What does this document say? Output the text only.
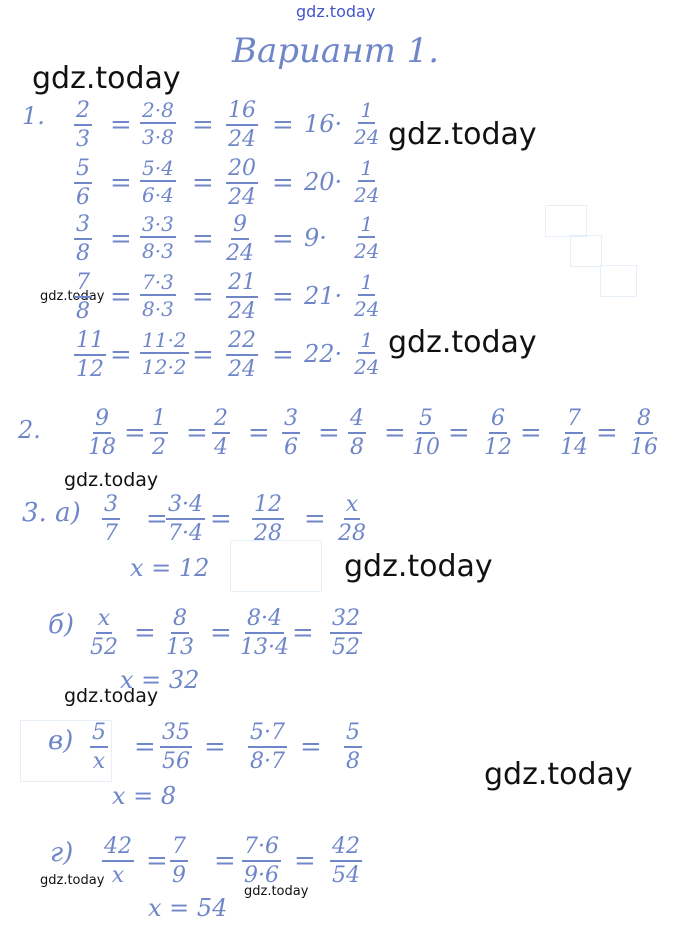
gdz.today
gdz.today
gdz.today
gdz.today
gdz.today
gdz.today
gdz.today
gdz.today
gdz.today
gdz.today
gdz.today
Вариант 1.
1.
2.
3. а)
x = 12
б)
x = 32
в)
x = 8
г)
x = 54
$\frac{2}{3} = \frac{2\cdot 8}{3\cdot 8} = \frac{16}{24} = 16\cdot \frac{1}{24}$
$\frac{5}{6} = \frac{5\cdot 4}{6\cdot 4} = \frac{20}{24} = 20\cdot \frac{1}{24}$
$\frac{3}{8} = \frac{3\cdot 3}{8\cdot 3} = \frac{9}{24} = 9\cdot \frac{1}{24}$
$\frac{7}{8} = \frac{7\cdot 3}{8\cdot 3} = \frac{21}{24} = 21\cdot \frac{1}{24}$
$\frac{11}{12} = \frac{11\cdot 2}{12\cdot 2} = \frac{22}{24} = 22\cdot \frac{1}{24}$
$\frac{9}{18} = \frac{1}{2} = \frac{2}{4} = \frac{3}{6} = \frac{4}{8} = \frac{5}{10} = \frac{6}{12} = \frac{7}{14} = \frac{8}{16}$
$\frac{3}{7}$ =
$\frac{3\cdot 4}{7\cdot 4} = \frac{12}{28} = \frac{x}{28}$
$\frac{x}{52} = \frac{8}{13} = \frac{8\cdot 4}{13\cdot 4} = \frac{32}{52}$
$\frac{5}{x} = \frac{35}{56} = \frac{5\cdot 7}{8\cdot 7} = \frac{5}{8}$
$\frac{42}{x} = \frac{7}{9} = \frac{7\cdot 6}{9\cdot 6} = \frac{42}{54}$
